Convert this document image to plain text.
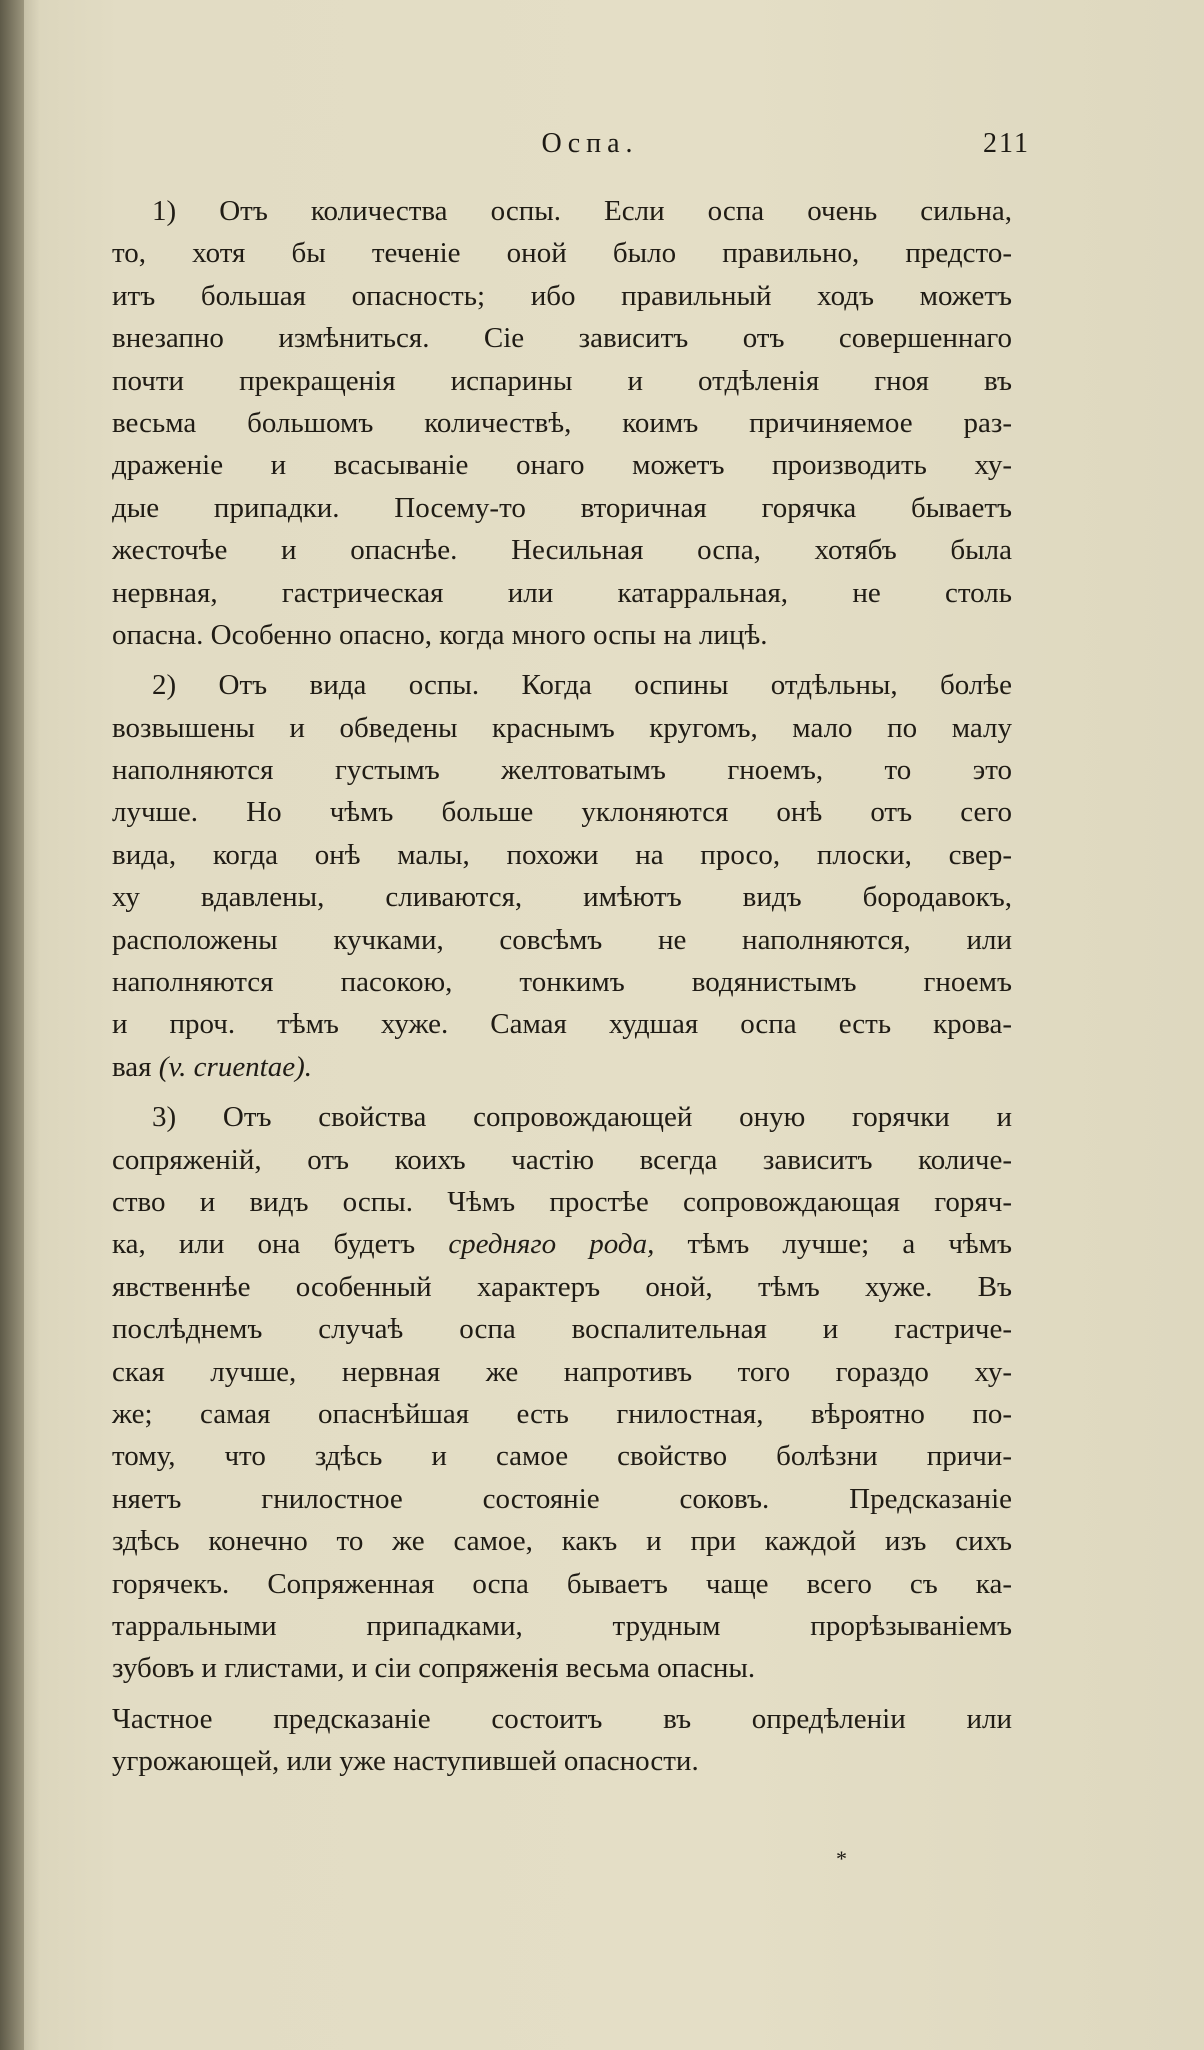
Оспа.	211
1) Отъ количества оспы. Если оспа очень сильна,
то, хотя бы теченіе оной было правильно, предсто-
итъ большая опасность; ибо правильный ходъ можетъ
внезапно измѣниться. Сіе зависитъ отъ совершеннаго
почти прекращенія испарины и отдѣленія гноя въ
весьма большомъ количествѣ, коимъ причиняемое раз-
драженіе и всасываніе онаго можетъ производить ху-
дые припадки. Посему-то вторичная горячка бываетъ
жесточѣе и опаснѣе. Несильная оспа, хотябъ была
нервная, гастрическая или катарральная, не столь
опасна. Особенно опасно, когда много оспы на лицѣ.
2) Отъ вида оспы. Когда оспины отдѣльны, болѣе
возвышены и обведены краснымъ кругомъ, мало по малу
наполняются густымъ желтоватымъ гноемъ, то это
лучше. Но чѣмъ больше уклоняются онѣ отъ сего
вида, когда онѣ малы, похожи на просо, плоски, свер-
ху вдавлены, сливаются, имѣютъ видъ бородавокъ,
расположены кучками, совсѣмъ не наполняются, или
наполняются пасокою, тонкимъ водянистымъ гноемъ
и проч. тѣмъ хуже. Самая худшая оспа есть крова-
вая (v. cruentae).
3) Отъ свойства сопровождающей оную горячки и
сопряженій, отъ коихъ частію всегда зависитъ количе-
ство и видъ оспы. Чѣмъ простѣе сопровождающая горяч-
ка, или она будетъ средняго рода, тѣмъ лучше; а чѣмъ
явственнѣе особенный характеръ оной, тѣмъ хуже. Въ
послѣднемъ случаѣ оспа воспалительная и гастриче-
ская лучше, нервная же напротивъ того гораздо ху-
же; самая опаснѣйшая есть гнилостная, вѣроятно по-
тому, что здѣсь и самое свойство болѣзни причи-
няетъ гнилостное состояніе соковъ. Предсказаніе
здѣсь конечно то же самое, какъ и при каждой изъ сихъ
горячекъ. Сопряженная оспа бываетъ чаще всего съ ка-
тарральными припадками, трудным прорѣзываніемъ
зубовъ и глистами, и сіи сопряженія весьма опасны.
Частное предсказаніе состоитъ въ опредѣленіи или
угрожающей, или уже наступившей опасности.
*
